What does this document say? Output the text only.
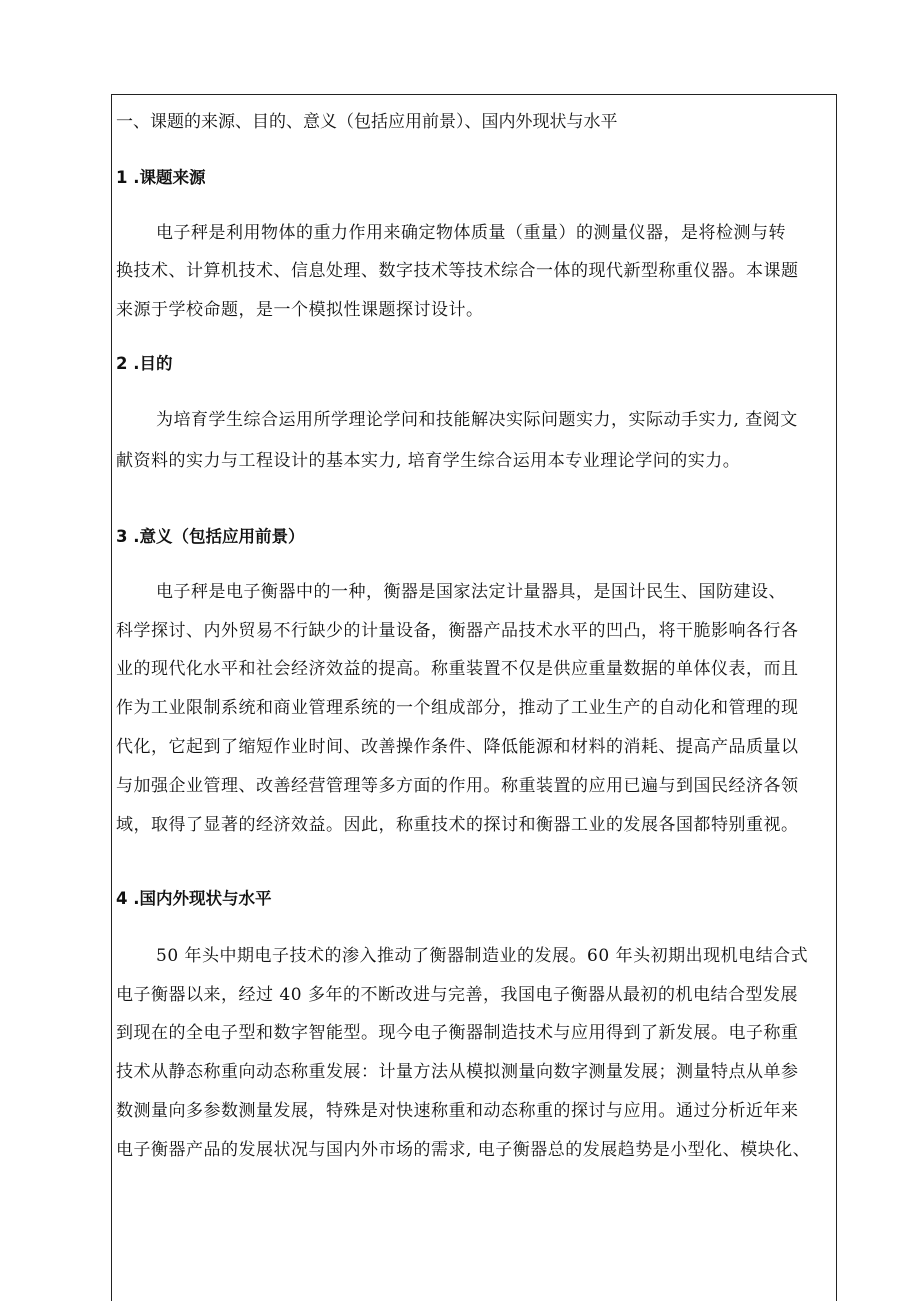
一、课题的来源、目的、意义（包括应用前景）、国内外现状与水平
1 .课题来源
电子秤是利用物体的重力作用来确定物体质量（重量）的测量仪器，是将检测与转
换技术、计算机技术、信息处理、数字技术等技术综合一体的现代新型称重仪器。本课题
来源于学校命题，是一个模拟性课题探讨设计。
2 .目的
为培育学生综合运用所学理论学问和技能解决实际问题实力，实际动手实力, 查阅文
献资料的实力与工程设计的基本实力, 培育学生综合运用本专业理论学问的实力。
3 .意义（包括应用前景）
电子秤是电子衡器中的一种，衡器是国家法定计量器具，是国计民生、国防建设、
科学探讨、内外贸易不行缺少的计量设备，衡器产品技术水平的凹凸，将干脆影响各行各
业的现代化水平和社会经济效益的提高。称重装置不仅是供应重量数据的单体仪表，而且
作为工业限制系统和商业管理系统的一个组成部分，推动了工业生产的自动化和管理的现
代化，它起到了缩短作业时间、改善操作条件、降低能源和材料的消耗、提高产品质量以
与加强企业管理、改善经营管理等多方面的作用。称重装置的应用已遍与到国民经济各领
域，取得了显著的经济效益。因此，称重技术的探讨和衡器工业的发展各国都特别重视。
4 .国内外现状与水平
50 年头中期电子技术的渗入推动了衡器制造业的发展。60 年头初期出现机电结合式
电子衡器以来，经过 40 多年的不断改进与完善，我国电子衡器从最初的机电结合型发展
到现在的全电子型和数字智能型。现今电子衡器制造技术与应用得到了新发展。电子称重
技术从静态称重向动态称重发展：计量方法从模拟测量向数字测量发展；测量特点从单参
数测量向多参数测量发展，特殊是对快速称重和动态称重的探讨与应用。通过分析近年来
电子衡器产品的发展状况与国内外市场的需求, 电子衡器总的发展趋势是小型化、模块化、
